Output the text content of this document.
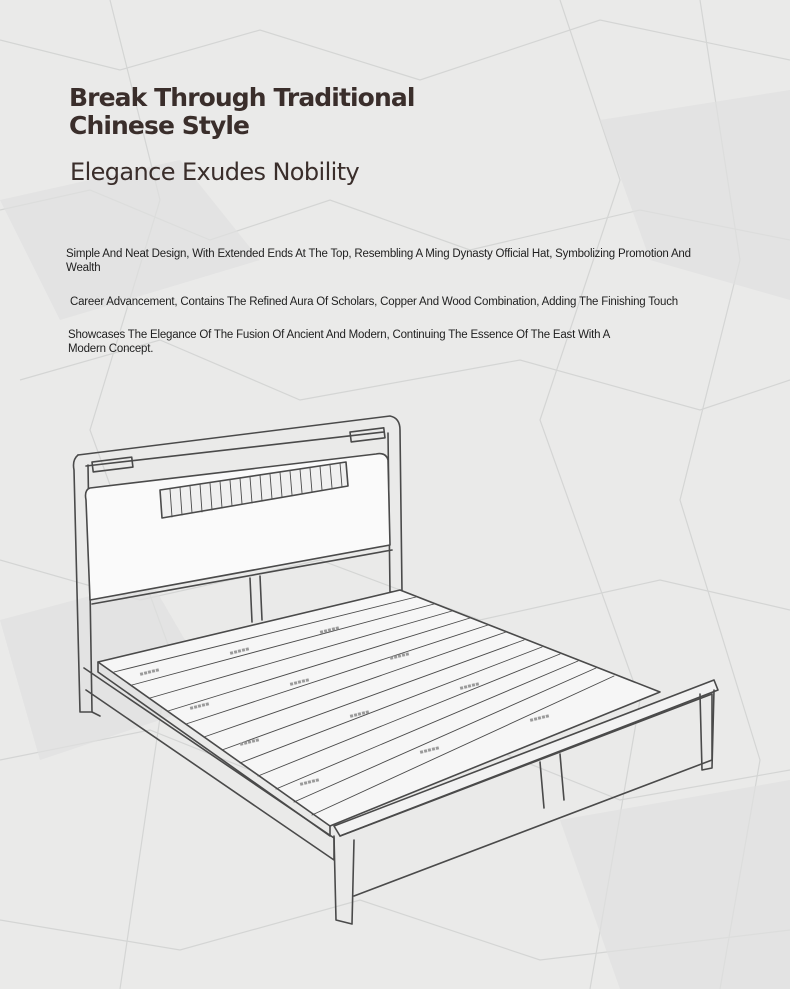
Break Through Traditional
Chinese Style
Elegance Exudes Nobility

Simple And Neat Design, With Extended Ends At The Top, Resembling A Ming Dynasty Official Hat, Symbolizing Promotion And Wealth

Career Advancement, Contains The Refined Aura Of Scholars, Copper And Wood Combination, Adding The Finishing Touch

Showcases The Elegance Of The Fusion Of Ancient And Modern, Continuing The Essence Of The East With A Modern Concept.

▪▪▪▪▪
▪▪▪▪▪
▪▪▪▪▪
▪▪▪▪▪
▪▪▪▪▪
▪▪▪▪▪
▪▪▪▪▪
▪▪▪▪▪
▪▪▪▪▪
▪▪▪▪▪
▪▪▪▪▪
▪▪▪▪▪
